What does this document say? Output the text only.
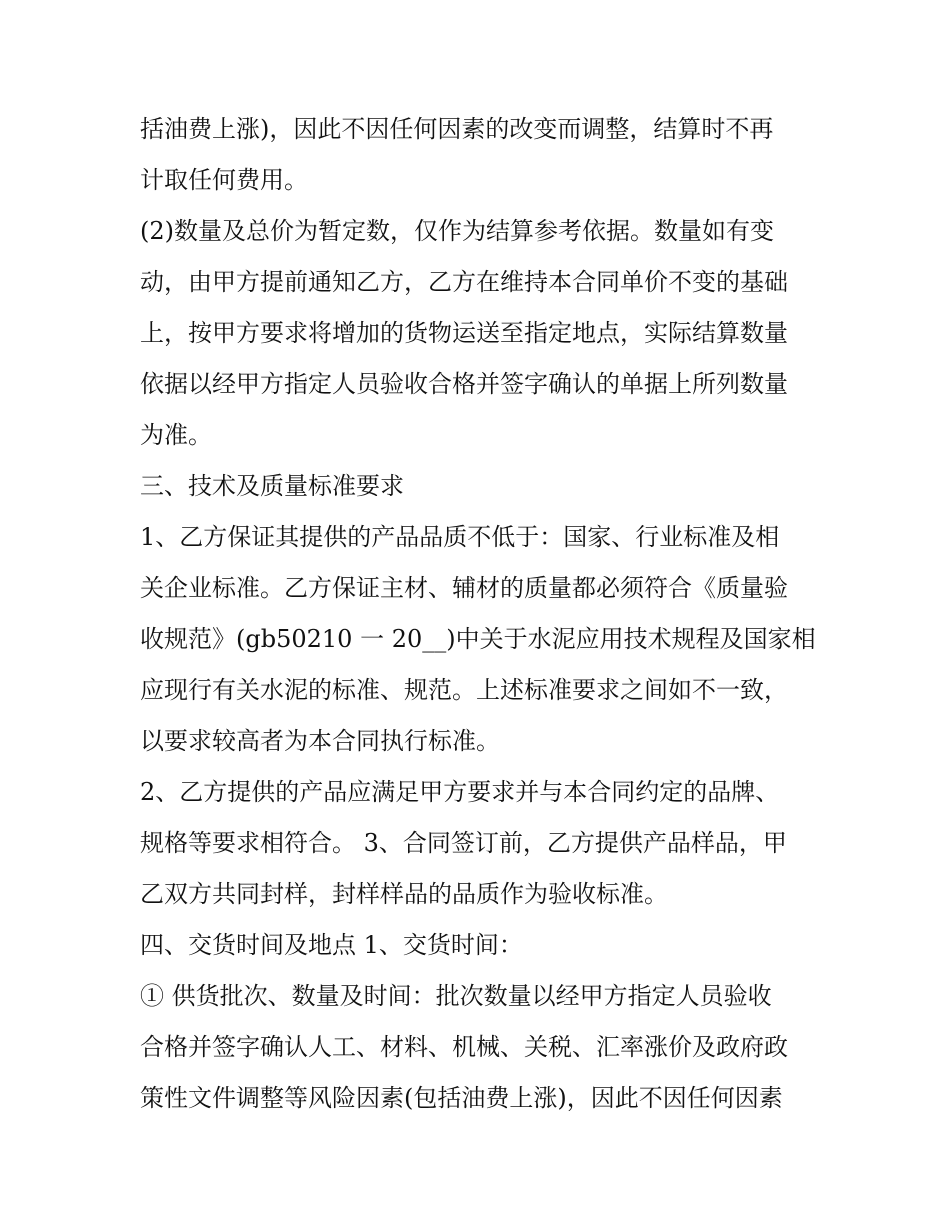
括油费上涨)，因此不因任何因素的改变而调整，结算时不再
计取任何费用。
(2)数量及总价为暂定数，仅作为结算参考依据。数量如有变
动，由甲方提前通知乙方，乙方在维持本合同单价不变的基础
上，按甲方要求将增加的货物运送至指定地点，实际结算数量
依据以经甲方指定人员验收合格并签字确认的单据上所列数量
为准。
三、技术及质量标准要求
1、乙方保证其提供的产品品质不低于：国家、行业标准及相
关企业标准。乙方保证主材、辅材的质量都必须符合《质量验
收规范》(gb50210 一 20__)中关于水泥应用技术规程及国家相
应现行有关水泥的标准、规范。上述标准要求之间如不一致，
以要求较高者为本合同执行标准。
2、乙方提供的产品应满足甲方要求并与本合同约定的品牌、
规格等要求相符合。 3、合同签订前，乙方提供产品样品，甲
乙双方共同封样，封样样品的品质作为验收标准。
四、交货时间及地点 1、交货时间：
① 供货批次、数量及时间：批次数量以经甲方指定人员验收
合格并签字确认人工、材料、机械、关税、汇率涨价及政府政
策性文件调整等风险因素(包括油费上涨)，因此不因任何因素
